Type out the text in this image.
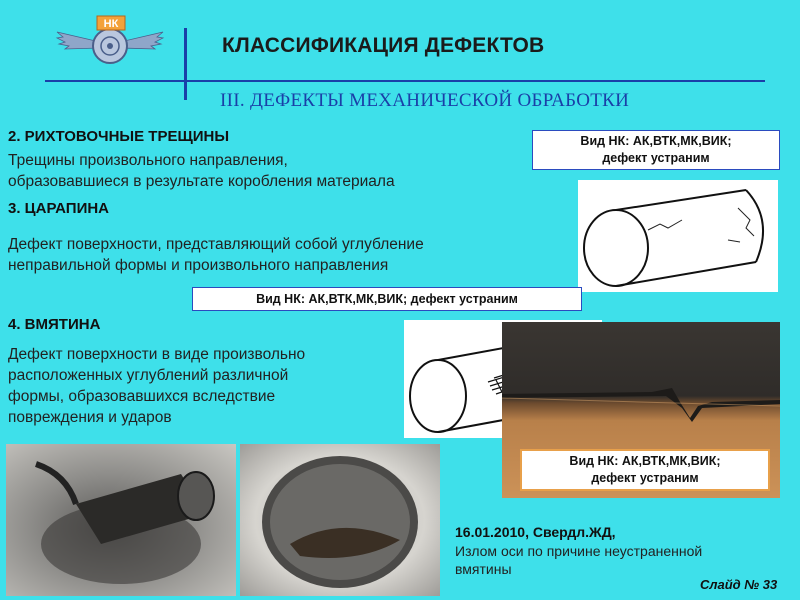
НК
КЛАССИФИКАЦИЯ ДЕФЕКТОВ
III. ДЕФЕКТЫ МЕХАНИЧЕСКОЙ ОБРАБОТКИ
2. РИХТОВОЧНЫЕ ТРЕЩИНЫ
Трещины произвольного направления,
образовавшиеся в результате коробления материала
Вид НК: АК,ВТК,МК,ВИК;
дефект устраним
3. ЦАРАПИНА
Дефект поверхности, представляющий собой углубление
неправильной формы и произвольного направления
Вид НК: АК,ВТК,МК,ВИК; дефект устраним
4. ВМЯТИНА
Дефект поверхности в виде произвольно
расположенных углублений различной
формы, образовавшихся вследствие
повреждения и ударов
Вид НК: АК,ВТК,МК,ВИК;
дефект устраним
16.01.2010, Свердл.ЖД,
Излом оси по причине неустраненной
вмятины
Слайд № 33
